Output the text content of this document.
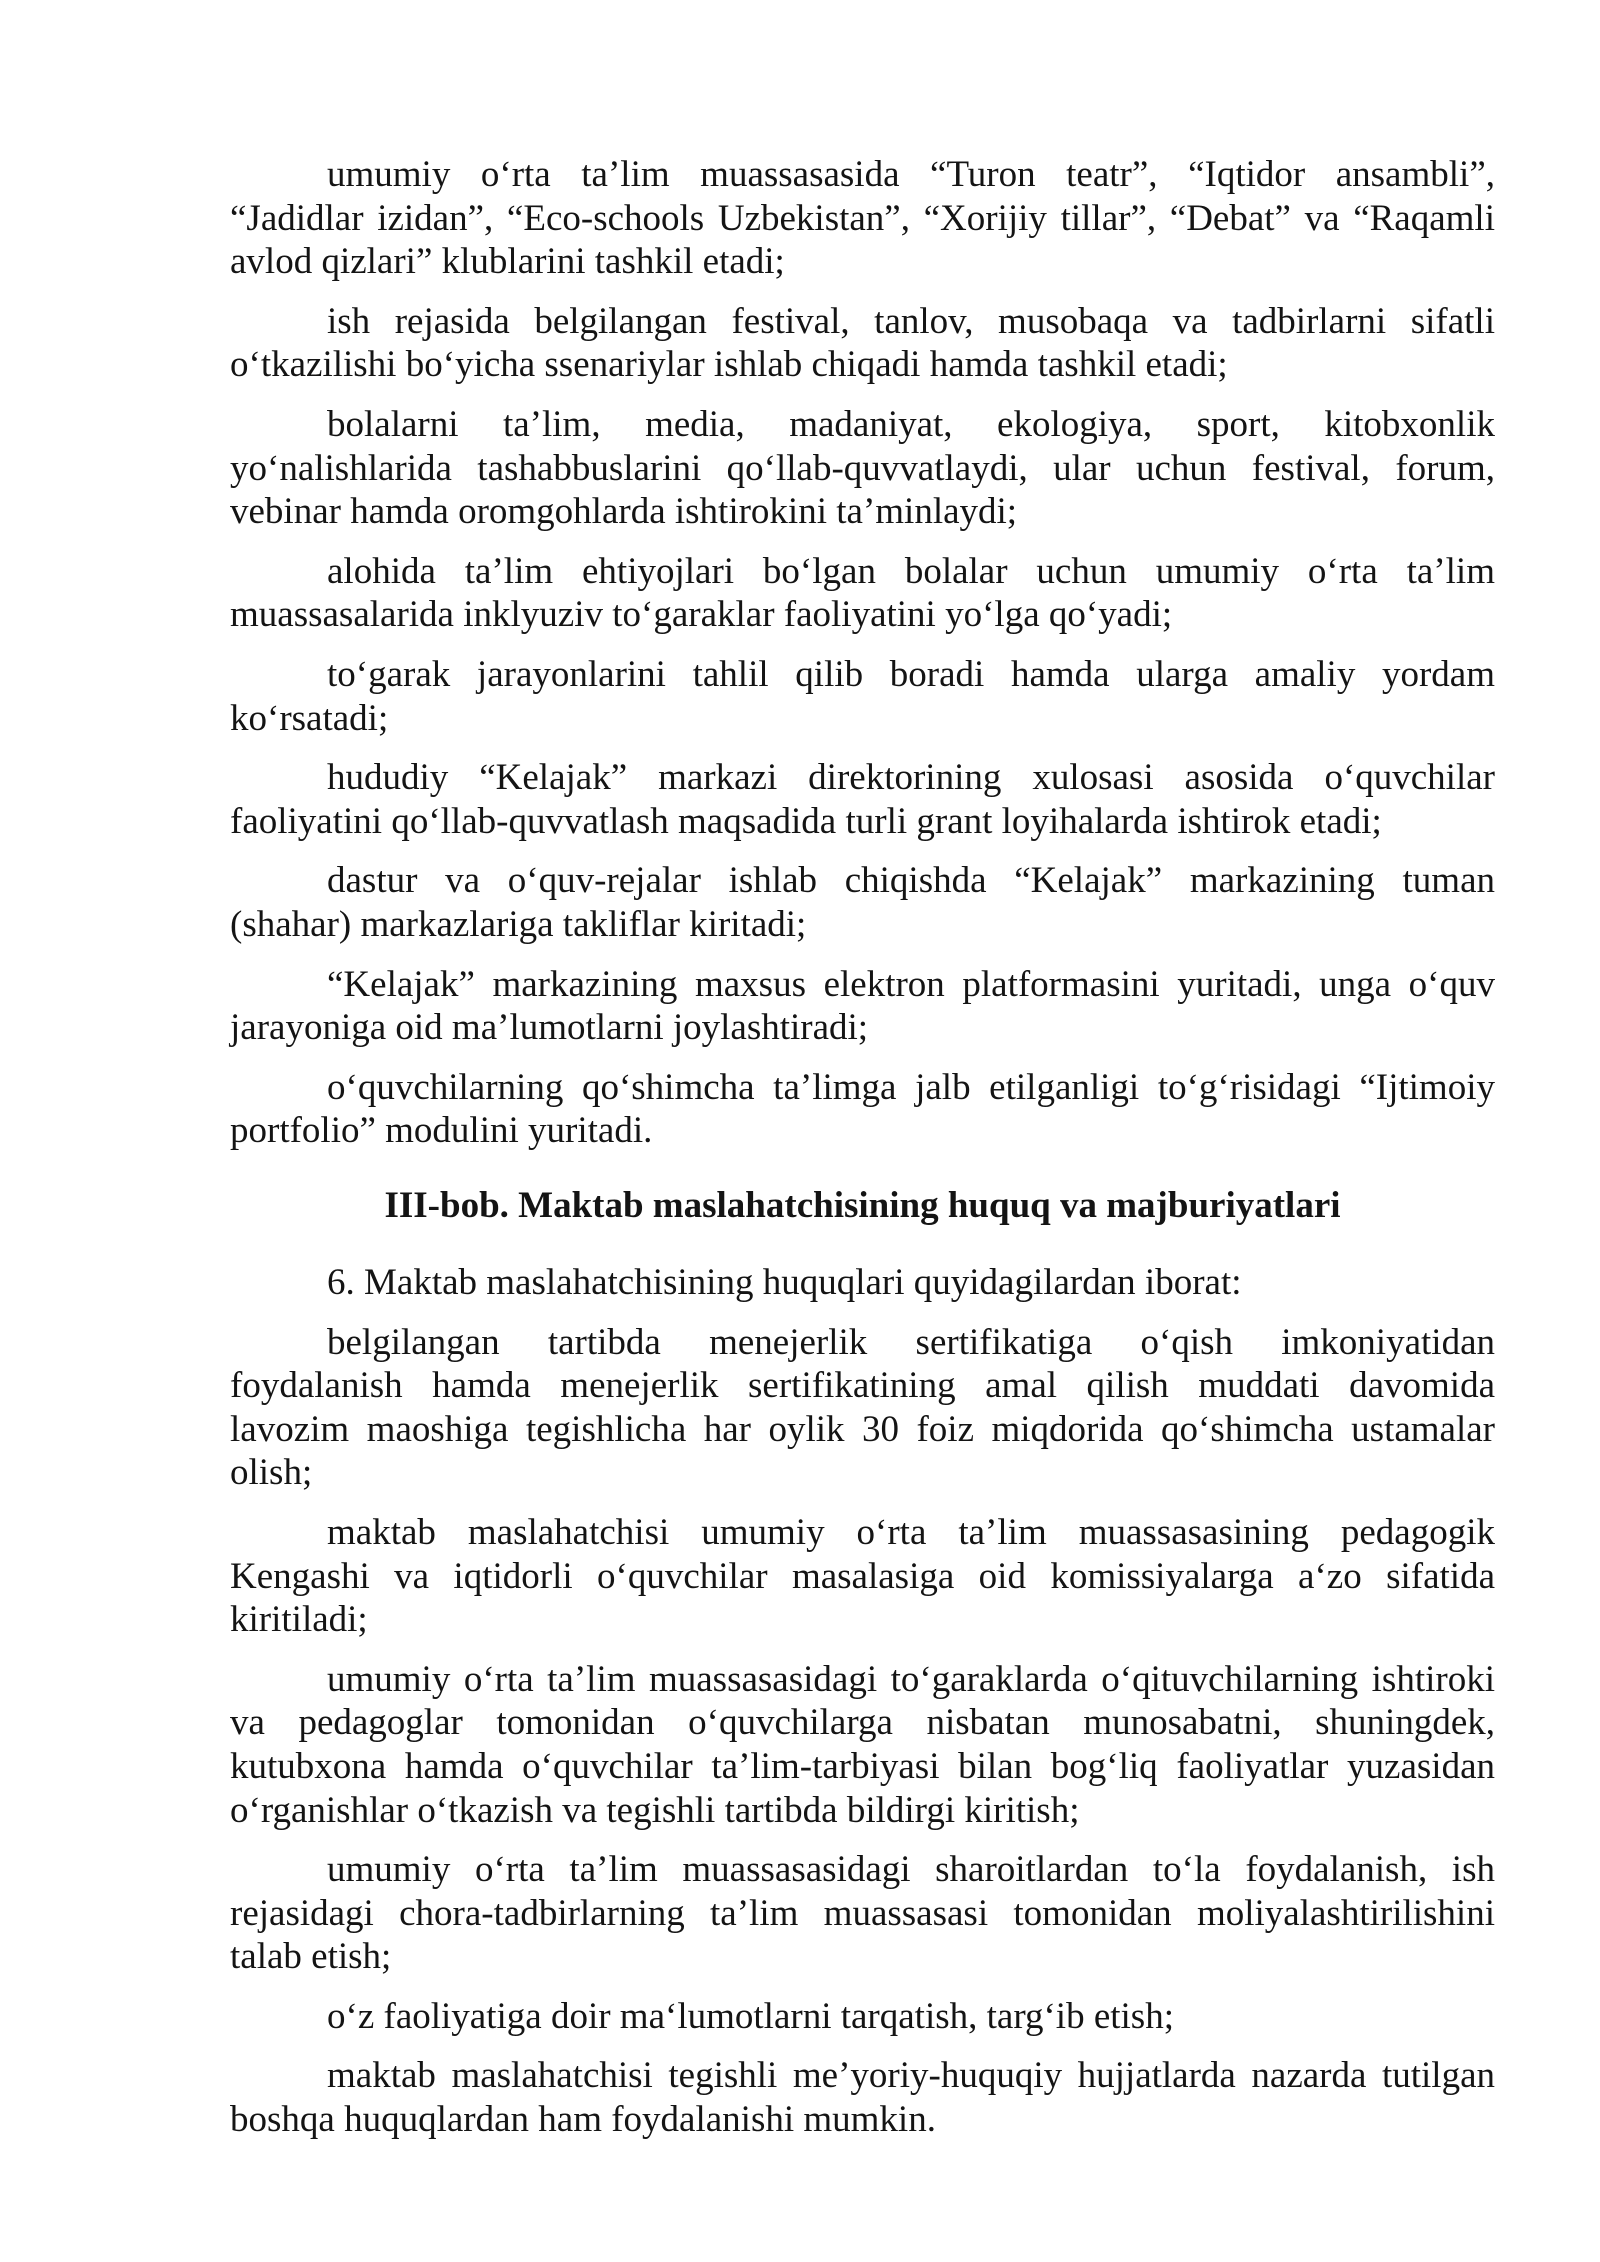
umumiy o‘rta ta’lim muassasasida “Turon teatr”, “Iqtidor ansambli”,
“Jadidlar izidan”, “Eco-schools Uzbekistan”, “Xorijiy tillar”, “Debat” va “Raqamli
avlod qizlari” klublarini tashkil etadi;
ish rejasida belgilangan festival, tanlov, musobaqa va tadbirlarni sifatli
o‘tkazilishi bo‘yicha ssenariylar ishlab chiqadi hamda tashkil etadi;
bolalarni ta’lim, media, madaniyat, ekologiya, sport, kitobxonlik
yo‘nalishlarida tashabbuslarini qo‘llab-quvvatlaydi, ular uchun festival, forum,
vebinar hamda oromgohlarda ishtirokini ta’minlaydi;
alohida ta’lim ehtiyojlari bo‘lgan bolalar uchun umumiy o‘rta ta’lim
muassasalarida inklyuziv to‘garaklar faoliyatini yo‘lga qo‘yadi;
to‘garak jarayonlarini tahlil qilib boradi hamda ularga amaliy yordam
ko‘rsatadi;
hududiy “Kelajak” markazi direktorining xulosasi asosida o‘quvchilar
faoliyatini qo‘llab-quvvatlash maqsadida turli grant loyihalarda ishtirok etadi;
dastur va o‘quv-rejalar ishlab chiqishda “Kelajak” markazining tuman
(shahar) markazlariga takliflar kiritadi;
“Kelajak” markazining maxsus elektron platformasini yuritadi, unga o‘quv
jarayoniga oid ma’lumotlarni joylashtiradi;
o‘quvchilarning qo‘shimcha ta’limga jalb etilganligi to‘g‘risidagi “Ijtimoiy
portfolio” modulini yuritadi.
III-bob. Maktab maslahatchisining huquq va majburiyatlari
6. Maktab maslahatchisining huquqlari quyidagilardan iborat:
belgilangan tartibda menejerlik sertifikatiga o‘qish imkoniyatidan
foydalanish hamda menejerlik sertifikatining amal qilish muddati davomida
lavozim maoshiga tegishlicha har oylik 30 foiz miqdorida qo‘shimcha ustamalar
olish;
maktab maslahatchisi umumiy o‘rta ta’lim muassasasining pedagogik
Kengashi va iqtidorli o‘quvchilar masalasiga oid komissiyalarga a‘zo sifatida
kiritiladi;
umumiy o‘rta ta’lim muassasasidagi to‘garaklarda o‘qituvchilarning ishtiroki
va pedagoglar tomonidan o‘quvchilarga nisbatan munosabatni, shuningdek,
kutubxona hamda o‘quvchilar ta’lim-tarbiyasi bilan bog‘liq faoliyatlar yuzasidan
o‘rganishlar o‘tkazish va tegishli tartibda bildirgi kiritish;
umumiy o‘rta ta’lim muassasasidagi sharoitlardan to‘la foydalanish, ish
rejasidagi chora-tadbirlarning ta’lim muassasasi tomonidan moliyalashtirilishini
talab etish;
o‘z faoliyatiga doir ma‘lumotlarni tarqatish, targ‘ib etish;
maktab maslahatchisi tegishli me’yoriy-huquqiy hujjatlarda nazarda tutilgan
boshqa huquqlardan ham foydalanishi mumkin.
